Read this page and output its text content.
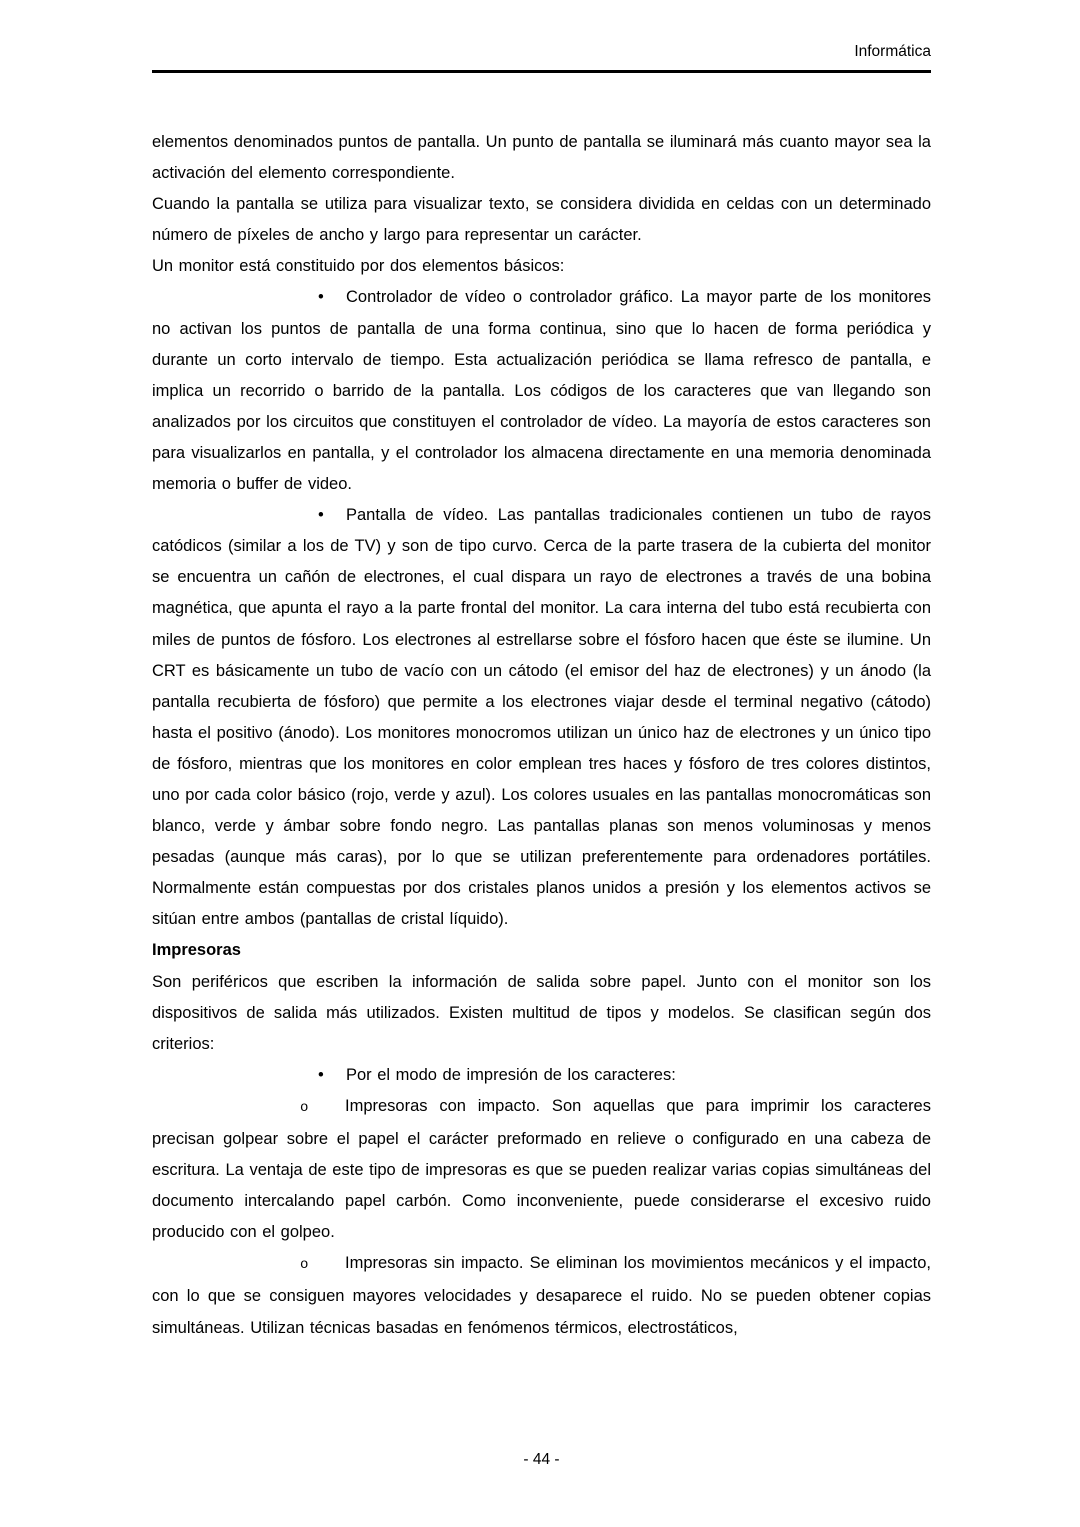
Informática

elementos denominados puntos de pantalla. Un punto de pantalla se iluminará más cuanto mayor sea la activación del elemento correspondiente.

Cuando la pantalla se utiliza para visualizar texto, se considera dividida en celdas con un determinado número de píxeles de ancho y largo para representar un carácter.

Un monitor está constituido por dos elementos básicos:

• Controlador de vídeo o controlador gráfico. La mayor parte de los monitores no activan los puntos de pantalla de una forma continua, sino que lo hacen de forma periódica y durante un corto intervalo de tiempo. Esta actualización periódica se llama refresco de pantalla, e implica un recorrido o barrido de la pantalla. Los códigos de los caracteres que van llegando son analizados por los circuitos que constituyen el controlador de vídeo. La mayoría de estos caracteres son para visualizarlos en pantalla, y el controlador los almacena directamente en una memoria denominada memoria o buffer de video.

• Pantalla de vídeo. Las pantallas tradicionales contienen un tubo de rayos catódicos (similar a los de TV) y son de tipo curvo. Cerca de la parte trasera de la cubierta del monitor se encuentra un cañón de electrones, el cual dispara un rayo de electrones a través de una bobina magnética, que apunta el rayo a la parte frontal del monitor. La cara interna del tubo está recubierta con miles de puntos de fósforo. Los electrones al estrellarse sobre el fósforo hacen que éste se ilumine. Un CRT es básicamente un tubo de vacío con un cátodo (el emisor del haz de electrones) y un ánodo (la pantalla recubierta de fósforo) que permite a los electrones viajar desde el terminal negativo (cátodo) hasta el positivo (ánodo). Los monitores monocromos utilizan un único haz de electrones y un único tipo de fósforo, mientras que los monitores en color emplean tres haces y fósforo de tres colores distintos, uno por cada color básico (rojo, verde y azul). Los colores usuales en las pantallas monocromáticas son blanco, verde y ámbar sobre fondo negro. Las pantallas planas son menos voluminosas y menos pesadas (aunque más caras), por lo que se utilizan preferentemente para ordenadores portátiles. Normalmente están compuestas por dos cristales planos unidos a presión y los elementos activos se sitúan entre ambos (pantallas de cristal líquido).

Impresoras

Son periféricos que escriben la información de salida sobre papel. Junto con el monitor son los dispositivos de salida más utilizados. Existen multitud de tipos y modelos. Se clasifican según dos criterios:

• Por el modo de impresión de los caracteres:

o Impresoras con impacto. Son aquellas que para imprimir los caracteres precisan golpear sobre el papel el carácter preformado en relieve o configurado en una cabeza de escritura. La ventaja de este tipo de impresoras es que se pueden realizar varias copias simultáneas del documento intercalando papel carbón. Como inconveniente, puede considerarse el excesivo ruido producido con el golpeo.

o Impresoras sin impacto. Se eliminan los movimientos mecánicos y el impacto, con lo que se consiguen mayores velocidades y desaparece el ruido. No se pueden obtener copias simultáneas. Utilizan técnicas basadas en fenómenos térmicos, electrostáticos,

- 44 -
